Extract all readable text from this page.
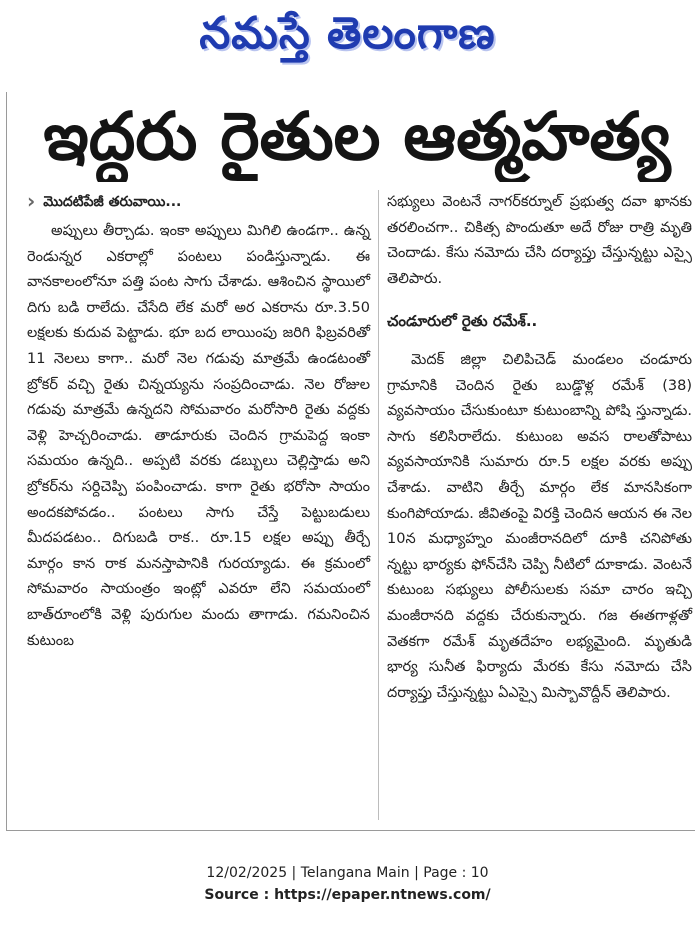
నమస్తే తెలంగాణ
ఇద్దరు రైతుల ఆత్మహత్య
› మొదటిపేజీ తరువాయి...

అప్పులు తీర్చాడు. ఇంకా అప్పులు మిగిలి ఉండగా.. ఉన్న రెండున్నర ఎకరాల్లో పంటలు పండిస్తున్నాడు. ఈ వానకాలంలోనూ పత్తి పంట సాగు చేశాడు. ఆశించిన స్థాయిలో దిగు బడి రాలేదు. చేసేది లేక మరో అర ఎకరాను రూ.3.50 లక్షలకు కుదువ పెట్టాడు. భూ బద లాయింపు జరిగి ఫిబ్రవరితో 11 నెలలు కాగా.. మరో నెల గడువు మాత్రమే ఉండటంతో బ్రోకర్ వచ్చి రైతు చిన్నయ్యను సంప్రదించాడు. నెల రోజుల గడువు మాత్రమే ఉన్నదని సోమవారం మరోసారి రైతు వద్దకు వెళ్లి హెచ్చరించాడు. తాడూరుకు చెందిన గ్రామపెద్ద ఇంకా సమయం ఉన్నది.. అప్పటి వరకు డబ్బులు చెల్లిస్తాడు అని బ్రోకర్‌ను సర్దిచెప్పి పంపించాడు. కాగా రైతు భరోసా సాయం అందకపోవడం.. పంటలు సాగు చేస్తే పెట్టుబడులు మీదపడటం.. దిగుబడి రాక.. రూ.15 లక్షల అప్పు తీర్చే మార్గం కాన రాక మనస్తాపానికి గురయ్యాడు. ఈ క్రమంలో సోమవారం సాయంత్రం ఇంట్లో ఎవరూ లేని సమయంలో బాత్‌రూంలోకి వెళ్లి పురుగుల మందు తాగాడు. గమనించిన కుటుంబ

సభ్యులు వెంటనే నాగర్‌కర్నూల్ ప్రభుత్వ దవా ఖానకు తరలించగా.. చికిత్స పొందుతూ అదే రోజు రాత్రి మృతి చెందాడు. కేసు నమోదు చేసి దర్యాప్తు చేస్తున్నట్టు ఎస్సై తెలిపారు.

చండూరులో రైతు రమేశ్..

మెదక్ జిల్లా చిలిపిచెడ్ మండలం చండూరు గ్రామానికి చెందిన రైతు బుడ్డొళ్ల రమేశ్ (38) వ్యవసాయం చేసుకుంటూ కుటుంబాన్ని పోషి స్తున్నాడు. సాగు కలిసిరాలేదు. కుటుంబ అవస రాలతోపాటు వ్యవసాయానికి సుమారు రూ.5 లక్షల వరకు అప్పు చేశాడు. వాటిని తీర్చే మార్గం లేక మానసికంగా కుంగిపోయాడు. జీవితంపై విరక్తి చెందిన ఆయన ఈ నెల 10న మధ్యాహ్నం మంజీరానదిలో దూకి చనిపోతు న్నట్టు భార్యకు ఫోన్‌చేసి చెప్పి నీటిలో దూకాడు. వెంటనే కుటుంబ సభ్యులు పోలీసులకు సమా చారం ఇచ్చి మంజీరానది వద్దకు చేరుకున్నారు. గజ ఈతగాళ్లతో వెతకగా రమేశ్ మృతదేహం లభ్యమైంది. మృతుడి భార్య సునీత ఫిర్యాదు మేరకు కేసు నమోదు చేసి దర్యాప్తు చేస్తున్నట్టు ఏఎస్సై మిస్బావొద్దీన్ తెలిపారు.

12/02/2025 | Telangana Main | Page : 10
Source : https://epaper.ntnews.com/
